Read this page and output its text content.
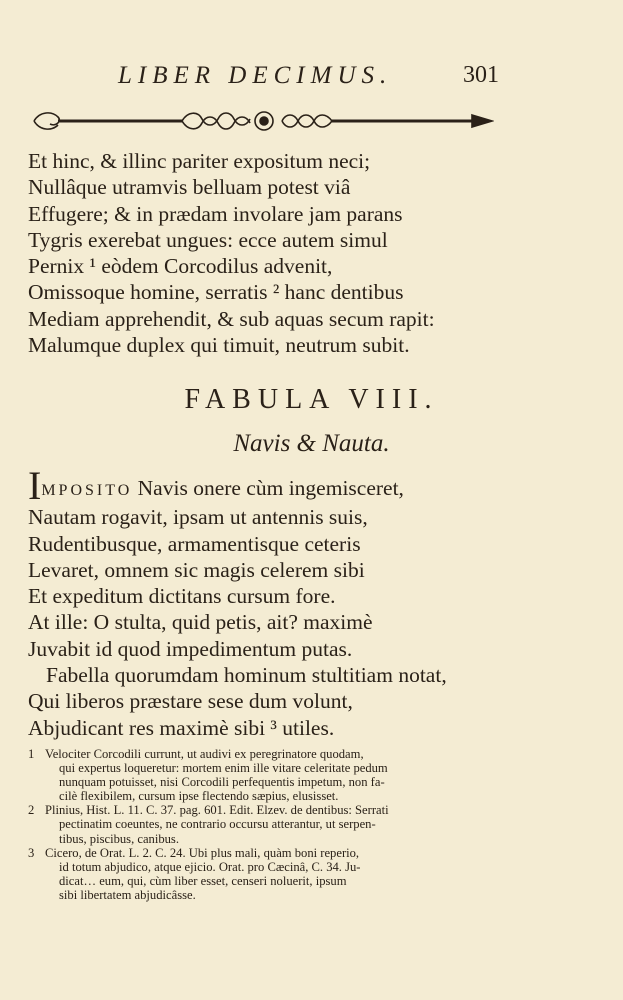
LIBER DECIMUS.	301
Et hinc, & illinc pariter expositum neci;
Nullâque utramvis belluam potest viâ
Effugere; & in prædam involare jam parans
Tygris exerebat ungues: ecce autem simul
Pernix ¹ eòdem Corcodilus advenit,
Omissoque homine, serratis ² hanc dentibus
Mediam apprehendit, & sub aquas secum rapit:
Malumque duplex qui timuit, neutrum subit.
FABULA VIII.
Navis & Nauta.
IMPOSITO Navis onere cùm ingemisceret,
Nautam rogavit, ipsam ut antennis suis,
Rudentibusque, armamentisque ceteris
Levaret, omnem sic magis celerem sibi
Et expeditum dictitans cursum fore.
At ille: O stulta, quid petis, ait? maximè
Juvabit id quod impedimentum putas.
Fabella quorumdam hominum stultitiam notat,
Qui liberos præstare sese dum volunt,
Abjudicant res maximè sibi ³ utiles.
1 Velociter Corcodili currunt, ut audivi ex peregrinatore quodam,
qui expertus loqueretur: mortem enim ille vitare celeritate pedum
nunquam potuisset, nisi Corcodili perfequentis impetum, non fa-
cilè flexibilem, cursum ipse flectendo sæpius, elusisset.
2 Plinius, Hist. L. 11. C. 37. pag. 601. Edit. Elzev. de dentibus: Serrati
pectinatim coeuntes, ne contrario occursu atterantur, ut serpen-
tibus, piscibus, canibus.
3 Cicero, de Orat. L. 2. C. 24. Ubi plus mali, quàm boni reperio,
id totum abjudico, atque ejicio. Orat. pro Cæcinâ, C. 34. Ju-
dicat… eum, qui, cùm liber esset, censeri noluerit, ipsum
sibi libertatem abjudicâsse.
